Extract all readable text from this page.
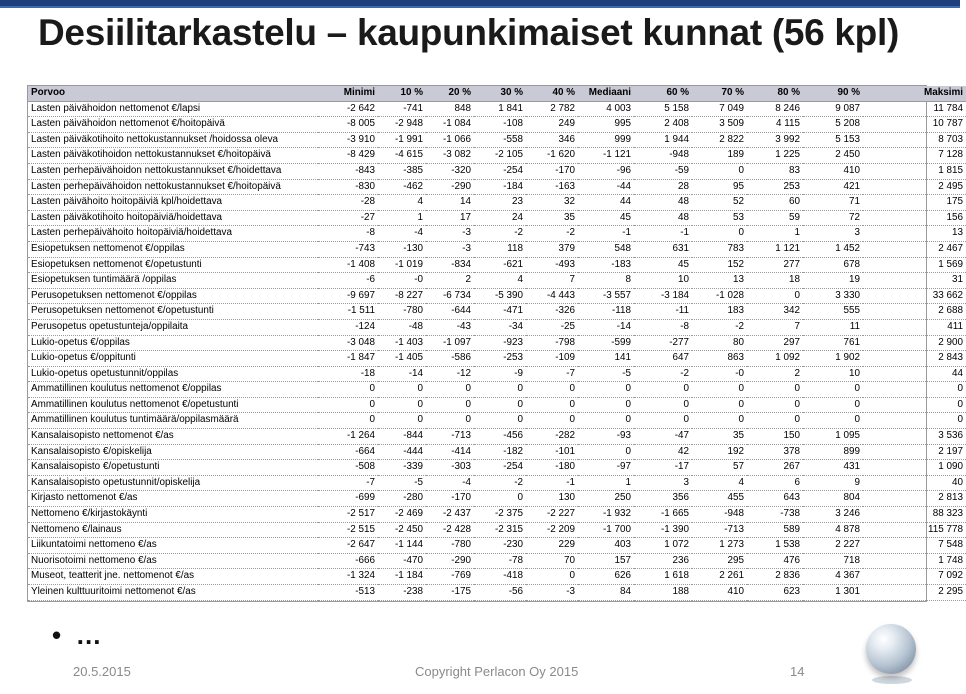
Desiilitarkastelu – kaupunkimaiset kunnat (56 kpl)
Porvoo	Minimi	10 %	20 %	30 %	40 %	Mediaani	60 %	70 %	80 %	90 %	Maksimi
Lasten päivähoidon nettomenot €/lapsi	-2 642	-741	848	1 841	2 782	4 003	5 158	7 049	8 246	9 087	11 784
Lasten päivähoidon nettomenot €/hoitopäivä	-8 005	-2 948	-1 084	-108	249	995	2 408	3 509	4 115	5 208	10 787
Lasten päiväkotihoito nettokustannukset /hoidossa oleva	-3 910	-1 991	-1 066	-558	346	999	1 944	2 822	3 992	5 153	8 703
Lasten päiväkotihoidon nettokustannukset €/hoitopäivä	-8 429	-4 615	-3 082	-2 105	-1 620	-1 121	-948	189	1 225	2 450	7 128
Lasten perhepäivähoidon nettokustannukset €/hoidettava	-843	-385	-320	-254	-170	-96	-59	0	83	410	1 815
Lasten perhepäivähoidon nettokustannukset €/hoitopäivä	-830	-462	-290	-184	-163	-44	28	95	253	421	2 495
Lasten päivähoito hoitopäiviä kpl/hoidettava	-28	4	14	23	32	44	48	52	60	71	175
Lasten päiväkotihoito hoitopäiviä/hoidettava	-27	1	17	24	35	45	48	53	59	72	156
Lasten perhepäivähoito hoitopäiviä/hoidettava	-8	-4	-3	-2	-2	-1	-1	0	1	3	13
Esiopetuksen nettomenot €/oppilas	-743	-130	-3	118	379	548	631	783	1 121	1 452	2 467
Esiopetuksen nettomenot €/opetustunti	-1 408	-1 019	-834	-621	-493	-183	45	152	277	678	1 569
Esiopetuksen tuntimäärä /oppilas	-6	-0	2	4	7	8	10	13	18	19	31
Perusopetuksen nettomenot €/oppilas	-9 697	-8 227	-6 734	-5 390	-4 443	-3 557	-3 184	-1 028	0	3 330	33 662
Perusopetuksen nettomenot €/opetustunti	-1 511	-780	-644	-471	-326	-118	-11	183	342	555	2 688
Perusopetus opetustunteja/oppilaita	-124	-48	-43	-34	-25	-14	-8	-2	7	11	411
Lukio-opetus €/oppilas	-3 048	-1 403	-1 097	-923	-798	-599	-277	80	297	761	2 900
Lukio-opetus €/oppitunti	-1 847	-1 405	-586	-253	-109	141	647	863	1 092	1 902	2 843
Lukio-opetus opetustunnit/oppilas	-18	-14	-12	-9	-7	-5	-2	-0	2	10	44
Ammatillinen koulutus nettomenot €/oppilas	0	0	0	0	0	0	0	0	0	0	0
Ammatillinen koulutus nettomenot €/opetustunti	0	0	0	0	0	0	0	0	0	0	0
Ammatillinen koulutus tuntimäärä/oppilasmäärä	0	0	0	0	0	0	0	0	0	0	0
Kansalaisopisto nettomenot €/as	-1 264	-844	-713	-456	-282	-93	-47	35	150	1 095	3 536
Kansalaisopisto €/opiskelija	-664	-444	-414	-182	-101	0	42	192	378	899	2 197
Kansalaisopisto €/opetustunti	-508	-339	-303	-254	-180	-97	-17	57	267	431	1 090
Kansalaisopisto opetustunnit/opiskelija	-7	-5	-4	-2	-1	1	3	4	6	9	40
Kirjasto nettomenot €/as	-699	-280	-170	0	130	250	356	455	643	804	2 813
Nettomeno €/kirjastokäynti	-2 517	-2 469	-2 437	-2 375	-2 227	-1 932	-1 665	-948	-738	3 246	88 323
Nettomeno €/lainaus	-2 515	-2 450	-2 428	-2 315	-2 209	-1 700	-1 390	-713	589	4 878	115 778
Liikuntatoimi nettomeno €/as	-2 647	-1 144	-780	-230	229	403	1 072	1 273	1 538	2 227	7 548
Nuorisotoimi nettomeno €/as	-666	-470	-290	-78	70	157	236	295	476	718	1 748
Museot, teatterit jne. nettomenot €/as	-1 324	-1 184	-769	-418	0	626	1 618	2 261	2 836	4 367	7 092
Yleinen kulttuuritoimi nettomenot €/as	-513	-238	-175	-56	-3	84	188	410	623	1 301	2 295
•  …
20.5.2015	Copyright Perlacon Oy 2015	14
